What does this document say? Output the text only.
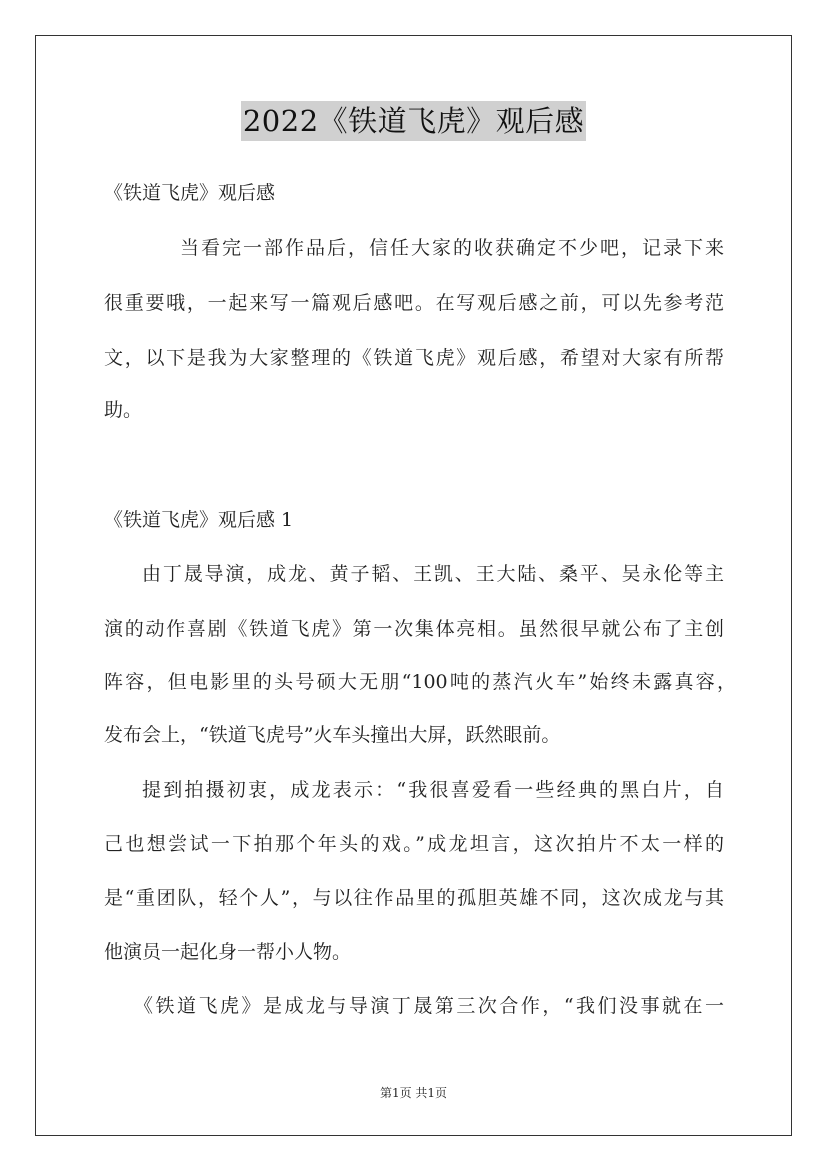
2022《铁道飞虎》观后感
《铁道飞虎》观后感
当看完一部作品后，信任大家的收获确定不少吧，记录下来
很重要哦，一起来写一篇观后感吧。在写观后感之前，可以先参考范
文，以下是我为大家整理的《铁道飞虎》观后感，希望对大家有所帮
助。
《铁道飞虎》观后感 1
由丁晟导演，成龙、黄子韬、王凯、王大陆、桑平、吴永伦等主
演的动作喜剧《铁道飞虎》第一次集体亮相。虽然很早就公布了主创
阵容，但电影里的头号硕大无朋“100吨的蒸汽火车”始终未露真容，
发布会上，“铁道飞虎号”火车头撞出大屏，跃然眼前。
提到拍摄初衷，成龙表示：“我很喜爱看一些经典的黑白片，自
己也想尝试一下拍那个年头的戏。”成龙坦言，这次拍片不太一样的
是“重团队，轻个人”，与以往作品里的孤胆英雄不同，这次成龙与其
他演员一起化身一帮小人物。
《铁道飞虎》是成龙与导演丁晟第三次合作，“我们没事就在一
第1页 共1页
